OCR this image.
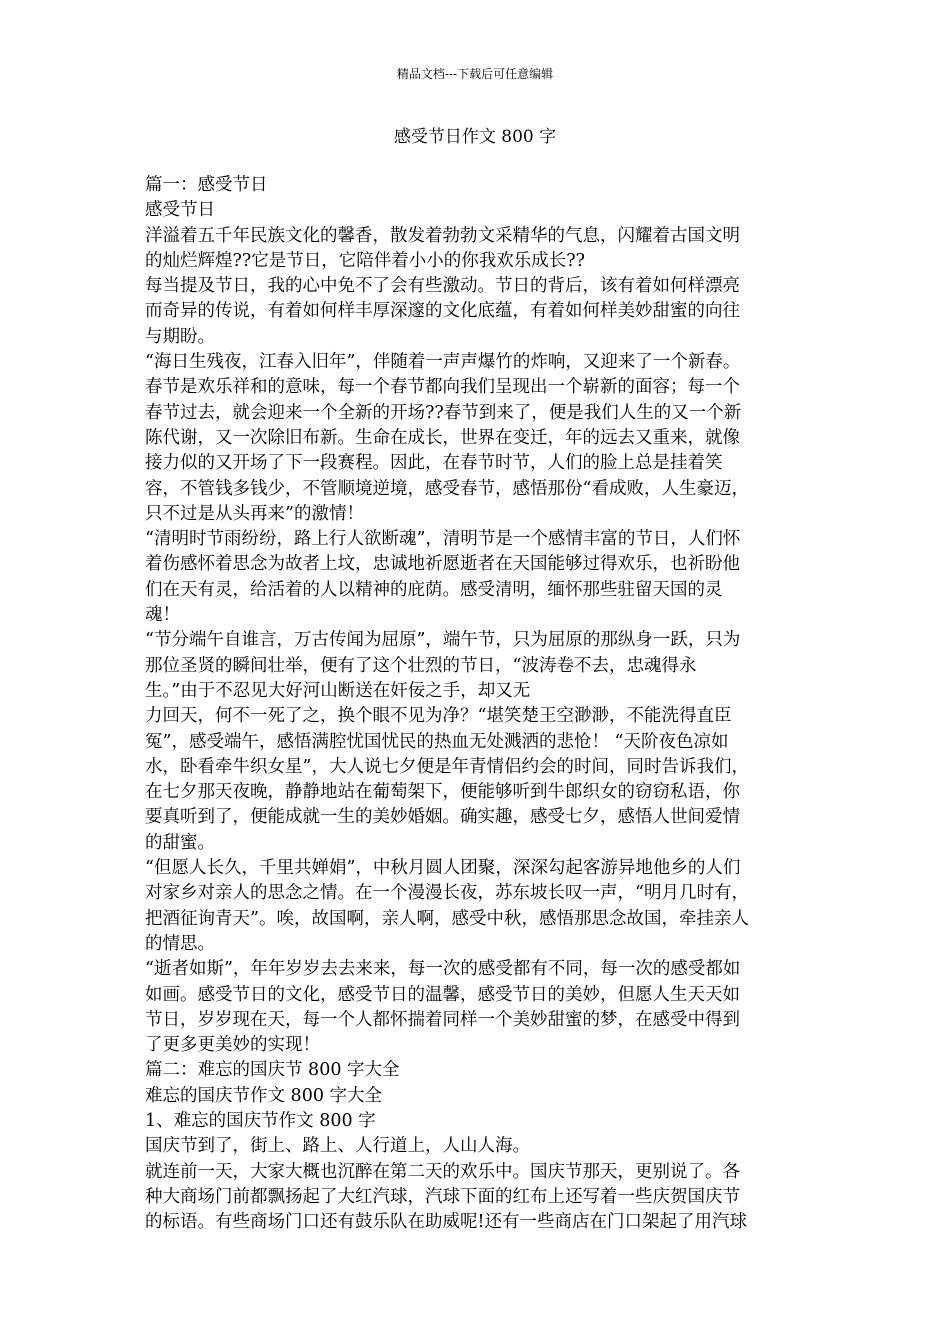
精品文档---下载后可任意编辑
感受节日作文 800 字
篇一：感受节日
感受节日
洋溢着五千年民族文化的馨香，散发着勃勃文采精华的气息，闪耀着古国文明
的灿烂辉煌??它是节日，它陪伴着小小的你我欢乐成长??
每当提及节日，我的心中免不了会有些激动。节日的背后，该有着如何样漂亮
而奇异的传说，有着如何样丰厚深邃的文化底蕴，有着如何样美妙甜蜜的向往
与期盼。
“海日生残夜，江春入旧年”，伴随着一声声爆竹的炸响，又迎来了一个新春。
春节是欢乐祥和的意味，每一个春节都向我们呈现出一个崭新的面容；每一个
春节过去，就会迎来一个全新的开场??春节到来了，便是我们人生的又一个新
陈代谢，又一次除旧布新。生命在成长，世界在变迁，年的远去又重来，就像
接力似的又开场了下一段赛程。因此，在春节时节，人们的脸上总是挂着笑
容，不管钱多钱少，不管顺境逆境，感受春节，感悟那份“看成败，人生豪迈，
只不过是从头再来”的激情！
“清明时节雨纷纷，路上行人欲断魂”，清明节是一个感情丰富的节日，人们怀
着伤感怀着思念为故者上坟，忠诚地祈愿逝者在天国能够过得欢乐，也祈盼他
们在天有灵，给活着的人以精神的庇荫。感受清明，缅怀那些驻留天国的灵
魂！
“节分端午自谁言，万古传闻为屈原”，端午节，只为屈原的那纵身一跃，只为
那位圣贤的瞬间壮举，便有了这个壮烈的节日，“波涛卷不去，忠魂得永
生。”由于不忍见大好河山断送在奸佞之手，却又无
力回天，何不一死了之，换个眼不见为净？“堪笑楚王空渺渺，不能洗得直臣
冤”，感受端午，感悟满腔忧国忧民的热血无处溅洒的悲怆！ “天阶夜色凉如
水，卧看牵牛织女星”，大人说七夕便是年青情侣约会的时间，同时告诉我们，
在七夕那天夜晚，静静地站在葡萄架下，便能够听到牛郎织女的窃窃私语，你
要真听到了，便能成就一生的美妙婚姻。确实趣，感受七夕，感悟人世间爱情
的甜蜜。
“但愿人长久，千里共婵娟”，中秋月圆人团聚，深深勾起客游异地他乡的人们
对家乡对亲人的思念之情。在一个漫漫长夜，苏东坡长叹一声，“明月几时有，
把酒征询青天”。唉，故国啊，亲人啊，感受中秋，感悟那思念故国，牵挂亲人
的情思。
“逝者如斯”，年年岁岁去去来来，每一次的感受都有不同，每一次的感受都如
如画。感受节日的文化，感受节日的温馨，感受节日的美妙，但愿人生天天如
节日，岁岁现在天，每一个人都怀揣着同样一个美妙甜蜜的梦，在感受中得到
了更多更美妙的实现！
篇二：难忘的国庆节 800 字大全
难忘的国庆节作文 800 字大全
1、难忘的国庆节作文 800 字
国庆节到了，街上、路上、人行道上，人山人海。
就连前一天，大家大概也沉醉在第二天的欢乐中。国庆节那天，更别说了。各
种大商场门前都飘扬起了大红汽球，汽球下面的红布上还写着一些庆贺国庆节
的标语。有些商场门口还有鼓乐队在助威呢!还有一些商店在门口架起了用汽球
